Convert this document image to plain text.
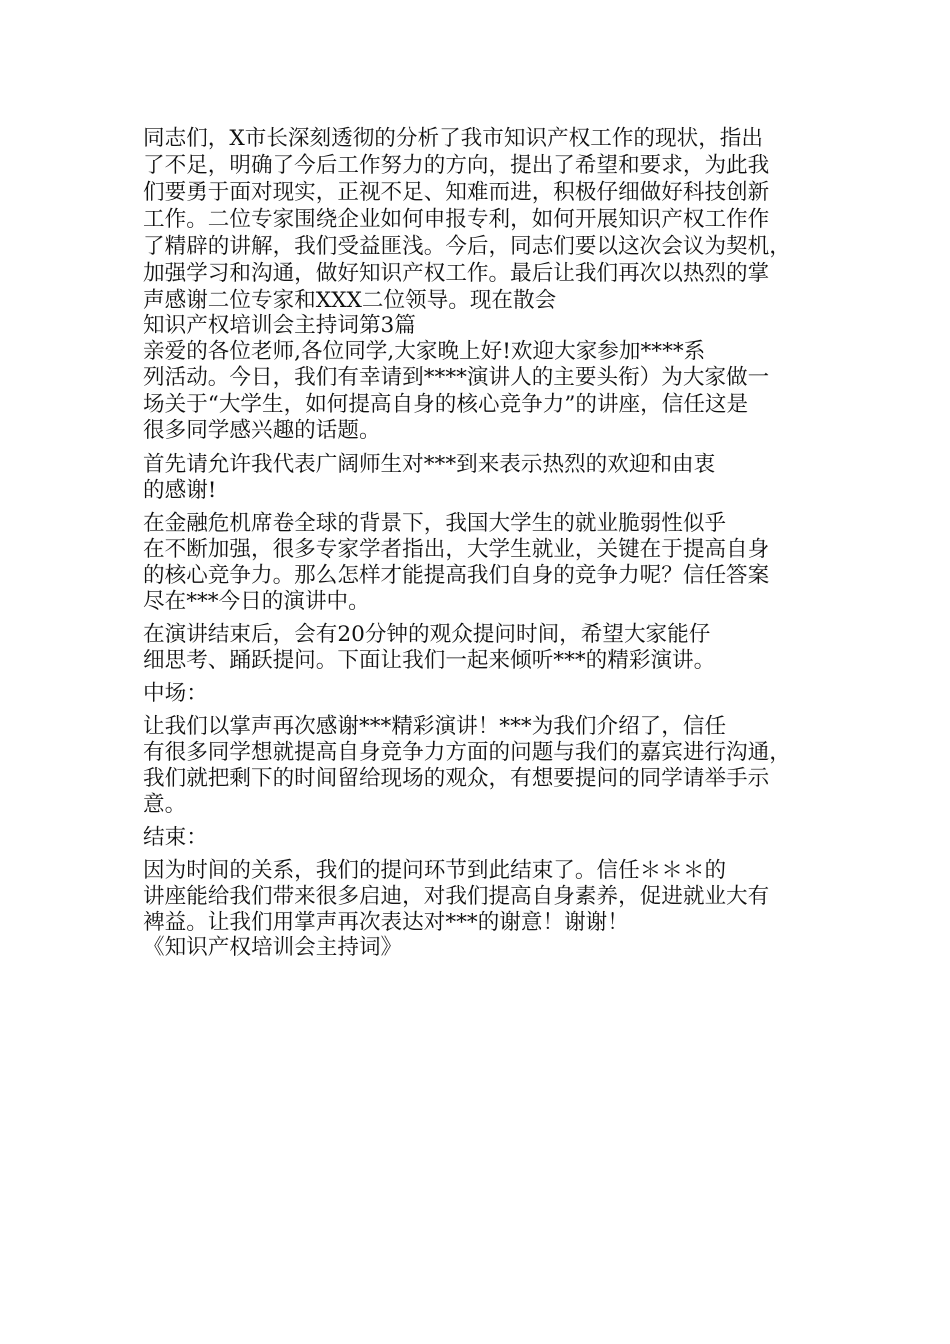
同志们，X市长深刻透彻的分析了我市知识产权工作的现状，指出
了不足，明确了今后工作努力的方向，提出了希望和要求，为此我
们要勇于面对现实，正视不足、知难而进，积极仔细做好科技创新
工作。二位专家围绕企业如何申报专利，如何开展知识产权工作作
了精辟的讲解，我们受益匪浅。今后，同志们要以这次会议为契机，
加强学习和沟通，做好知识产权工作。最后让我们再次以热烈的掌
声感谢二位专家和XXX二位领导。现在散会
知识产权培训会主持词第3篇
亲爱的各位老师,各位同学,大家晚上好!欢迎大家参加****系
列活动。今日，我们有幸请到****演讲人的主要头衔）为大家做一
场关于“大学生，如何提高自身的核心竞争力”的讲座，信任这是
很多同学感兴趣的话题。
首先请允许我代表广阔师生对***到来表示热烈的欢迎和由衷
的感谢!
在金融危机席卷全球的背景下，我国大学生的就业脆弱性似乎
在不断加强，很多专家学者指出，大学生就业，关键在于提高自身
的核心竞争力。那么怎样才能提高我们自身的竞争力呢？信任答案
尽在***今日的演讲中。
在演讲结束后，会有20分钟的观众提问时间，希望大家能仔
细思考、踊跃提问。下面让我们一起来倾听***的精彩演讲。
中场：
让我们以掌声再次感谢***精彩演讲！***为我们介绍了，信任
有很多同学想就提高自身竞争力方面的问题与我们的嘉宾进行沟通，
我们就把剩下的时间留给现场的观众，有想要提问的同学请举手示
意。
结束：
因为时间的关系，我们的提问环节到此结束了。信任＊＊＊的
讲座能给我们带来很多启迪，对我们提高自身素养，促进就业大有
裨益。让我们用掌声再次表达对***的谢意！谢谢！
《知识产权培训会主持词》
